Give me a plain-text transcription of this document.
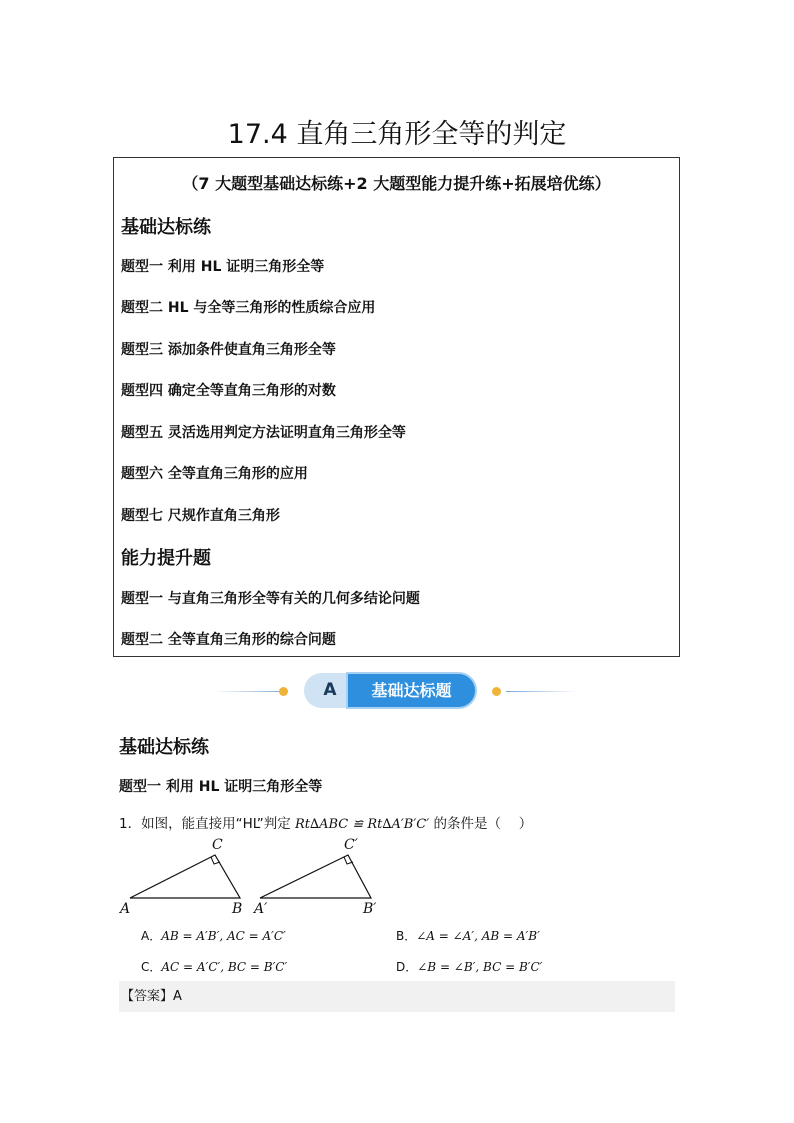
17.4 直角三角形全等的判定
（7 大题型基础达标练+2 大题型能力提升练+拓展培优练）
基础达标练
题型一 利用 HL 证明三角形全等
题型二 HL 与全等三角形的性质综合应用
题型三 添加条件使直角三角形全等
题型四 确定全等直角三角形的对数
题型五 灵活选用判定方法证明直角三角形全等
题型六 全等直角三角形的应用
题型七 尺规作直角三角形
能力提升题
题型一 与直角三角形全等有关的几何多结论问题
题型二 全等直角三角形的综合问题
A	基础达标题
基础达标练
题型一 利用 HL 证明三角形全等
1．如图，能直接用“HL”判定 Rt∆ABC ≌ Rt∆A′B′C′ 的条件是（　 ）
A
C
B A′
C′
B′
A．AB = A′B′, AC = A′C′	B．∠A = ∠A′, AB = A′B′
C．AC = A′C′, BC = B′C′	D．∠B = ∠B′, BC = B′C′
【答案】A
